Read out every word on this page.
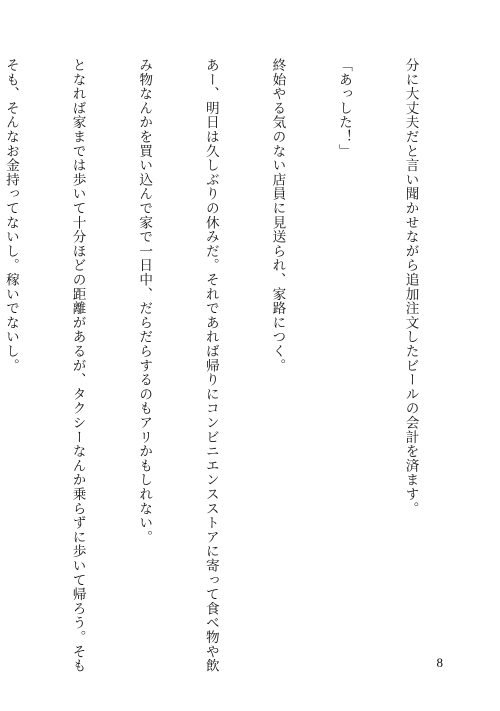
分に大丈夫だと言い聞かせながら追加注文したビールの会計を済ます。

「あっした！」

終始やる気のない店員に見送られ、家路につく。

あー、明日は久しぶりの休みだ。それであれば帰りにコンビニエンスストアに寄って食べ物や飲

み物なんかを買い込んで家で一日中、だらだらするのもアリかもしれない。

となれば家までは歩いて十分ほどの距離があるが、タクシーなんか乗らずに歩いて帰ろう。そも

そも、そんなお金持ってないし。稼いでないし。

8
